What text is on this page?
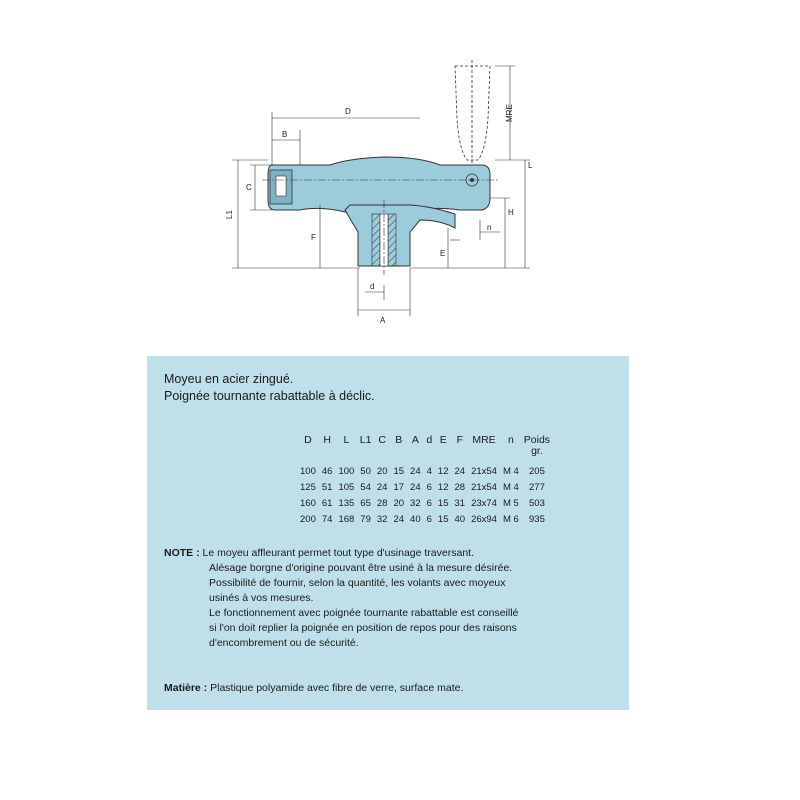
D
B
C
L1
F
MRE
L
H
n
E
d
A
Moyeu en acier zingué.
Poignée tournante rabattable à déclic.
D	H	L	L1	C	B	A	d	E	F	MRE	n	Poids gr.
100	46	100	50	20	15	24	4	12	24	21x54	M 4	205
125	51	105	54	24	17	24	6	12	28	21x54	M 4	277
160	61	135	65	28	20	32	6	15	31	23x74	M 5	503
200	74	168	79	32	24	40	6	15	40	26x94	M 6	935
NOTE : Le moyeu affleurant permet tout type d'usinage traversant.
Alésage borgne d'origine pouvant être usiné à la mesure désirée.
Possibilité de fournir, selon la quantité, les volants avec moyeux
usinés à vos mesures.
Le fonctionnement avec poignée tournante rabattable est conseillé
si l'on doit replier la poignée en position de repos pour des raisons
d'encombrement ou de sécurité.
Matière : Plastique polyamide avec fibre de verre, surface mate.
